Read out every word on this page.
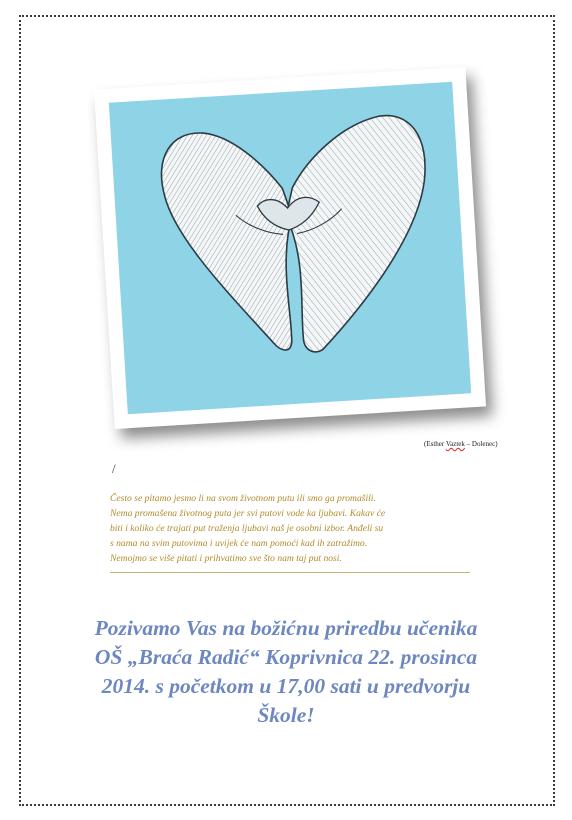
(Esther Vaztek – Dolenec)
/
Često se pitamo jesmo li na svom životnom putu ili smo ga promašili.
Nema promašena životnog puta jer svi putovi vode ka ljubavi. Kakav će
biti i koliko će trajati put traženja ljubavi naš je osobni izbor. Anđeli su
s nama na svim putovima i uvijek će nam pomoći kad ih zatražimo.
Nemojmo se više pitati i prihvatimo sve što nam taj put nosi.
Pozivamo Vas na božićnu priredbu učenika
OŠ „Braća Radić“ Koprivnica 22. prosinca
2014. s početkom u 17,00 sati u predvorju
Škole!
